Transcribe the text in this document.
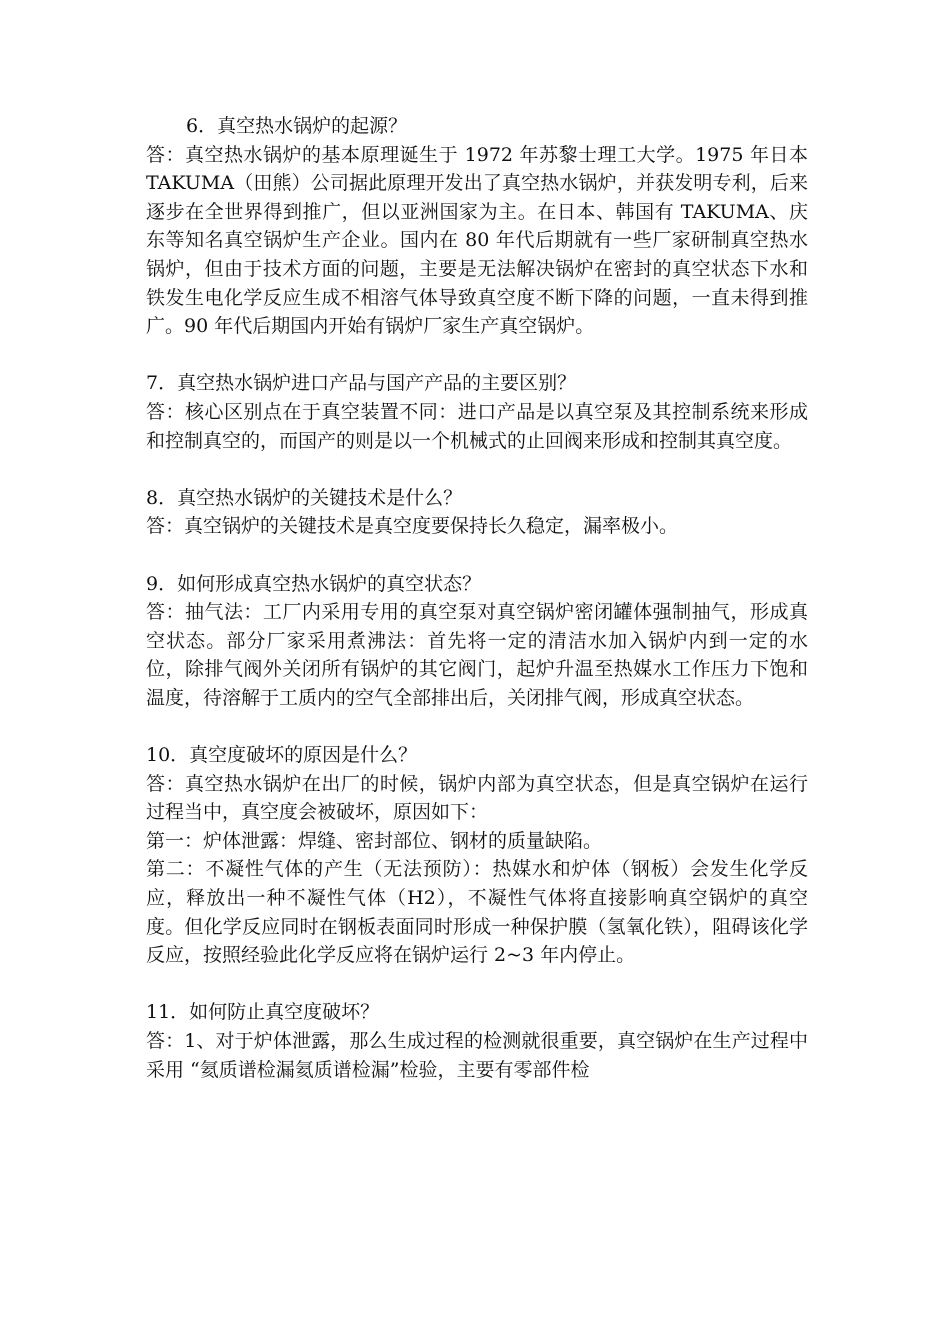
6．真空热水锅炉的起源？

答：真空热水锅炉的基本原理诞生于 1972 年苏黎士理工大学。1975 年日本 TAKUMA（田熊）公司据此原理开发出了真空热水锅炉，并获发明专利，后来逐步在全世界得到推广，但以亚洲国家为主。在日本、韩国有 TAKUMA、庆东等知名真空锅炉生产企业。国内在 80 年代后期就有一些厂家研制真空热水锅炉，但由于技术方面的问题，主要是无法解决锅炉在密封的真空状态下水和铁发生电化学反应生成不相溶气体导致真空度不断下降的问题，一直未得到推广。90 年代后期国内开始有锅炉厂家生产真空锅炉。

7．真空热水锅炉进口产品与国产产品的主要区别？

答：核心区别点在于真空装置不同：进口产品是以真空泵及其控制系统来形成和控制真空的，而国产的则是以一个机械式的止回阀来形成和控制其真空度。

8．真空热水锅炉的关键技术是什么？

答：真空锅炉的关键技术是真空度要保持长久稳定，漏率极小。

9．如何形成真空热水锅炉的真空状态？

答：抽气法：工厂内采用专用的真空泵对真空锅炉密闭罐体强制抽气，形成真空状态。部分厂家采用煮沸法：首先将一定的清洁水加入锅炉内到一定的水位，除排气阀外关闭所有锅炉的其它阀门，起炉升温至热媒水工作压力下饱和温度，待溶解于工质内的空气全部排出后，关闭排气阀，形成真空状态。

10．真空度破坏的原因是什么？

答：真空热水锅炉在出厂的时候，锅炉内部为真空状态，但是真空锅炉在运行过程当中，真空度会被破坏，原因如下：

第一：炉体泄露：焊缝、密封部位、钢材的质量缺陷。

第二：不凝性气体的产生（无法预防）：热媒水和炉体（钢板）会发生化学反应，释放出一种不凝性气体（H2），不凝性气体将直接影响真空锅炉的真空度。但化学反应同时在钢板表面同时形成一种保护膜（氢氧化铁），阻碍该化学反应，按照经验此化学反应将在锅炉运行 2~3 年内停止。

11．如何防止真空度破坏？

答：1、对于炉体泄露，那么生成过程的检测就很重要，真空锅炉在生产过程中采用 “氦质谱检漏氦质谱检漏”检验，主要有零部件检
